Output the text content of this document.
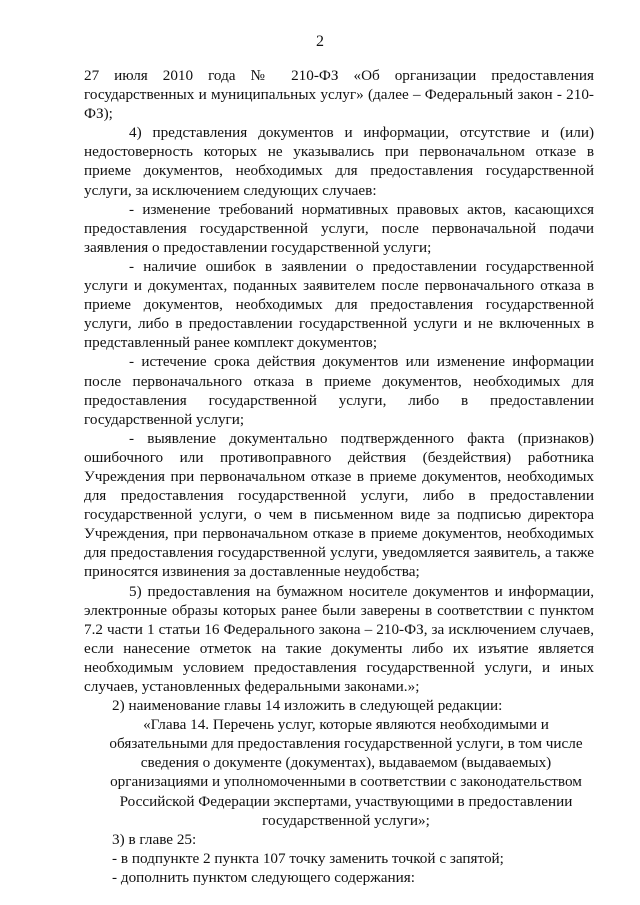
2

27 июля 2010 года № 210-ФЗ «Об организации предоставления государственных и муниципальных услуг» (далее – Федеральный закон - 210-ФЗ);

4) представления документов и информации, отсутствие и (или) недостоверность которых не указывались при первоначальном отказе в приеме документов, необходимых для предоставления государственной услуги, за исключением следующих случаев:

- изменение требований нормативных правовых актов, касающихся предоставления государственной услуги, после первоначальной подачи заявления о предоставлении государственной услуги;

- наличие ошибок в заявлении о предоставлении государственной услуги и документах, поданных заявителем после первоначального отказа в приеме документов, необходимых для предоставления государственной услуги, либо в предоставлении государственной услуги и не включенных в представленный ранее комплект документов;

- истечение срока действия документов или изменение информации после первоначального отказа в приеме документов, необходимых для предоставления государственной услуги, либо в предоставлении государственной услуги;

- выявление документально подтвержденного факта (признаков) ошибочного или противоправного действия (бездействия) работника Учреждения при первоначальном отказе в приеме документов, необходимых для предоставления государственной услуги, либо в предоставлении государственной услуги, о чем в письменном виде за подписью директора Учреждения, при первоначальном отказе в приеме документов, необходимых для предоставления государственной услуги, уведомляется заявитель, а также приносятся извинения за доставленные неудобства;

5) предоставления на бумажном носителе документов и информации, электронные образы которых ранее были заверены в соответствии с пунктом 7.2 части 1 статьи 16 Федерального закона – 210-ФЗ, за исключением случаев, если нанесение отметок на такие документы либо их изъятие является необходимым условием предоставления государственной услуги, и иных случаев, установленных федеральными законами.»;

2) наименование главы 14 изложить в следующей редакции:

«Глава 14. Перечень услуг, которые являются необходимыми и обязательными для предоставления государственной услуги, в том числе сведения о документе (документах), выдаваемом (выдаваемых) организациями и уполномоченными в соответствии с законодательством Российской Федерации экспертами, участвующими в предоставлении государственной услуги»;

3) в главе 25:

- в подпункте 2 пункта 107 точку заменить точкой с запятой;

- дополнить пунктом следующего содержания:
